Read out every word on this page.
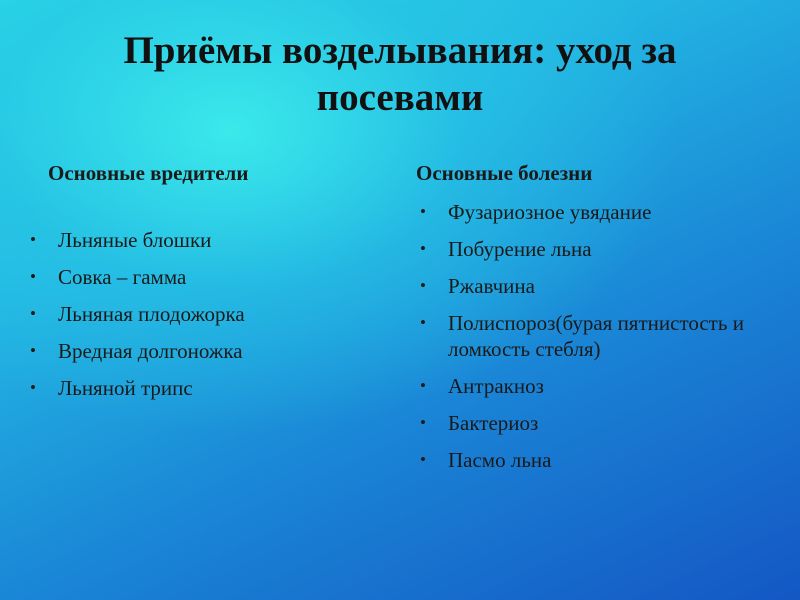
Приёмы возделывания: уход за посевами
Основные вредители
• Льняные блошки
• Совка – гамма
• Льняная плодожорка
• Вредная долгоножка
• Льняной трипс
Основные болезни
• Фузариозное увядание
• Побурение льна
• Ржавчина
• Полиспороз(бурая пятнистость и ломкость стебля)
• Антракноз
• Бактериоз
• Пасмо льна
